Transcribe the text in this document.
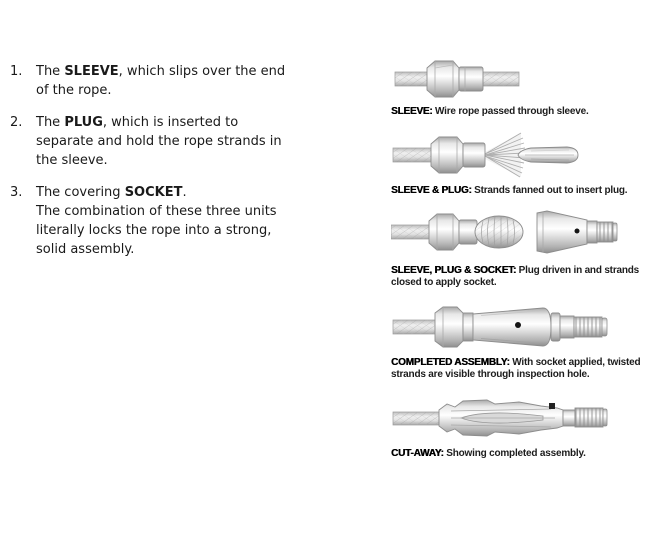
1.	The SLEEVE, which slips over the end
of the rope.
2.	The PLUG, which is inserted to
separate and hold the rope strands in
the sleeve.
3.	The covering SOCKET.
The combination of these three units
literally locks the rope into a strong,
solid assembly.
SLEEVE: Wire rope passed through sleeve.
SLEEVE & PLUG: Strands fanned out to insert plug.
SLEEVE, PLUG & SOCKET: Plug driven in and strands closed to apply socket.
COMPLETED ASSEMBLY: With socket applied, twisted strands are visible through inspection hole.
CUT-AWAY: Showing completed assembly.
